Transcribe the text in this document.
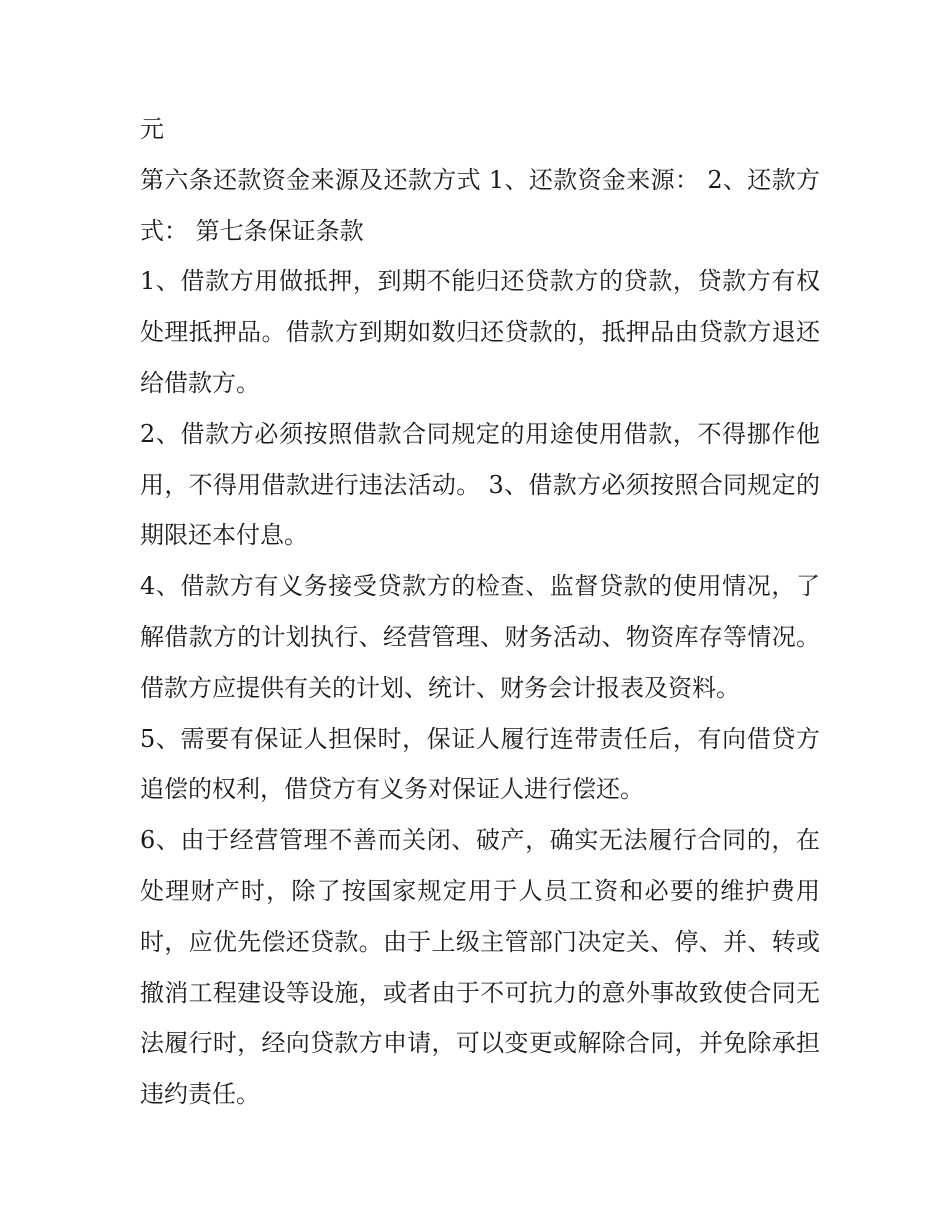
元

第六条还款资金来源及还款方式 1、还款资金来源： 2、还款方式： 第七条保证条款

1、借款方用做抵押，到期不能归还贷款方的贷款，贷款方有权处理抵押品。借款方到期如数归还贷款的，抵押品由贷款方退还给借款方。

2、借款方必须按照借款合同规定的用途使用借款，不得挪作他用，不得用借款进行违法活动。 3、借款方必须按照合同规定的期限还本付息。

4、借款方有义务接受贷款方的检查、监督贷款的使用情况，了解借款方的计划执行、经营管理、财务活动、物资库存等情况。借款方应提供有关的计划、统计、财务会计报表及资料。

5、需要有保证人担保时，保证人履行连带责任后，有向借贷方追偿的权利，借贷方有义务对保证人进行偿还。

6、由于经营管理不善而关闭、破产，确实无法履行合同的，在处理财产时，除了按国家规定用于人员工资和必要的维护费用时，应优先偿还贷款。由于上级主管部门决定关、停、并、转或撤消工程建设等设施，或者由于不可抗力的意外事故致使合同无法履行时，经向贷款方申请，可以变更或解除合同，并免除承担违约责任。
